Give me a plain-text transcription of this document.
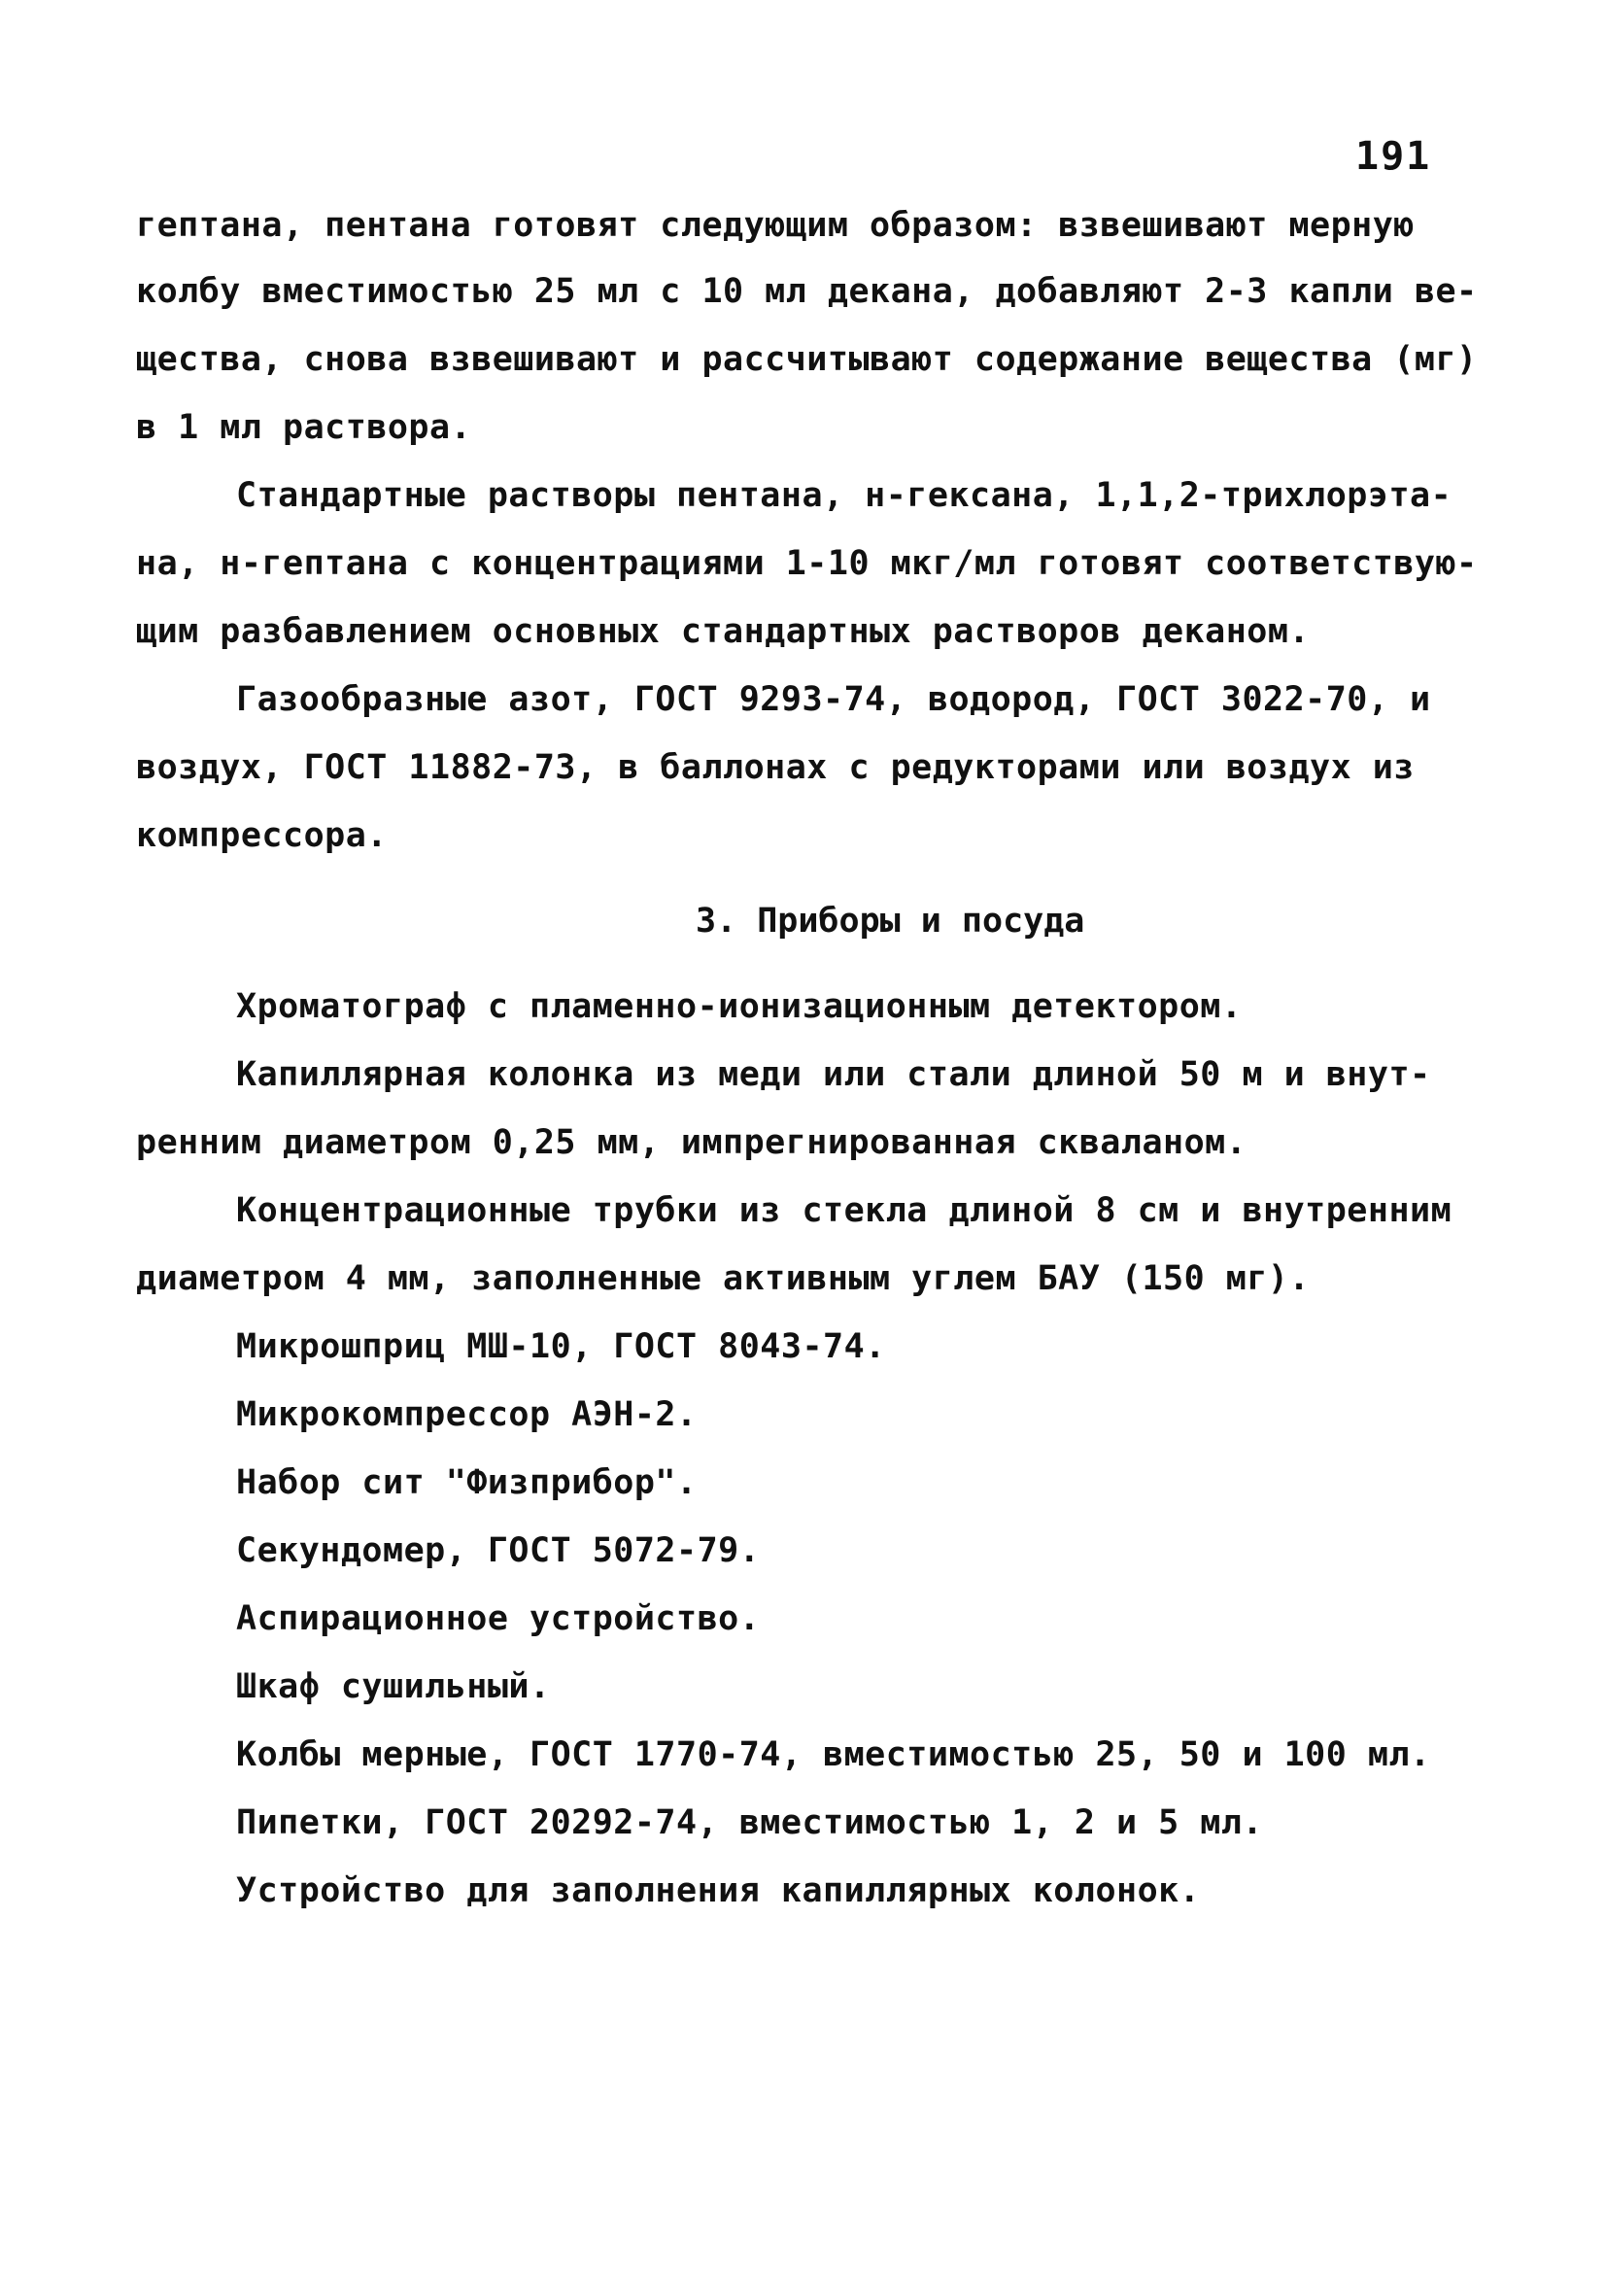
191
гептана, пентана готовят следующим образом: взвешивают мерную
колбу вместимостью 25 мл с 10 мл декана, добавляют 2-3 капли ве-
щества, снова взвешивают и рассчитывают содержание вещества (мг)
в 1 мл раствора.
Стандартные растворы пентана, н-гексана, 1,1,2-трихлорэта-
на, н-гептана с концентрациями 1-10 мкг/мл готовят соответствую-
щим разбавлением основных стандартных растворов деканом.
Газообразные азот, ГОСТ 9293-74, водород, ГОСТ 3022-70, и
воздух, ГОСТ 11882-73, в баллонах с редукторами или воздух из
компрессора.
3. Приборы и посуда
Хроматограф с пламенно-ионизационным детектором.
Капиллярная колонка из меди или стали длиной 50 м и внут-
ренним диаметром 0,25 мм, импрегнированная скваланом.
Концентрационные трубки из стекла длиной 8 см и внутренним
диаметром 4 мм, заполненные активным углем БАУ (150 мг).
Микрошприц МШ-10, ГОСТ 8043-74.
Микрокомпрессор АЭН-2.
Набор сит "Физприбор".
Секундомер, ГОСТ 5072-79.
Аспирационное устройство.
Шкаф сушильный.
Колбы мерные, ГОСТ 1770-74, вместимостью 25, 50 и 100 мл.
Пипетки, ГОСТ 20292-74, вместимостью 1, 2 и 5 мл.
Устройство для заполнения капиллярных колонок.
